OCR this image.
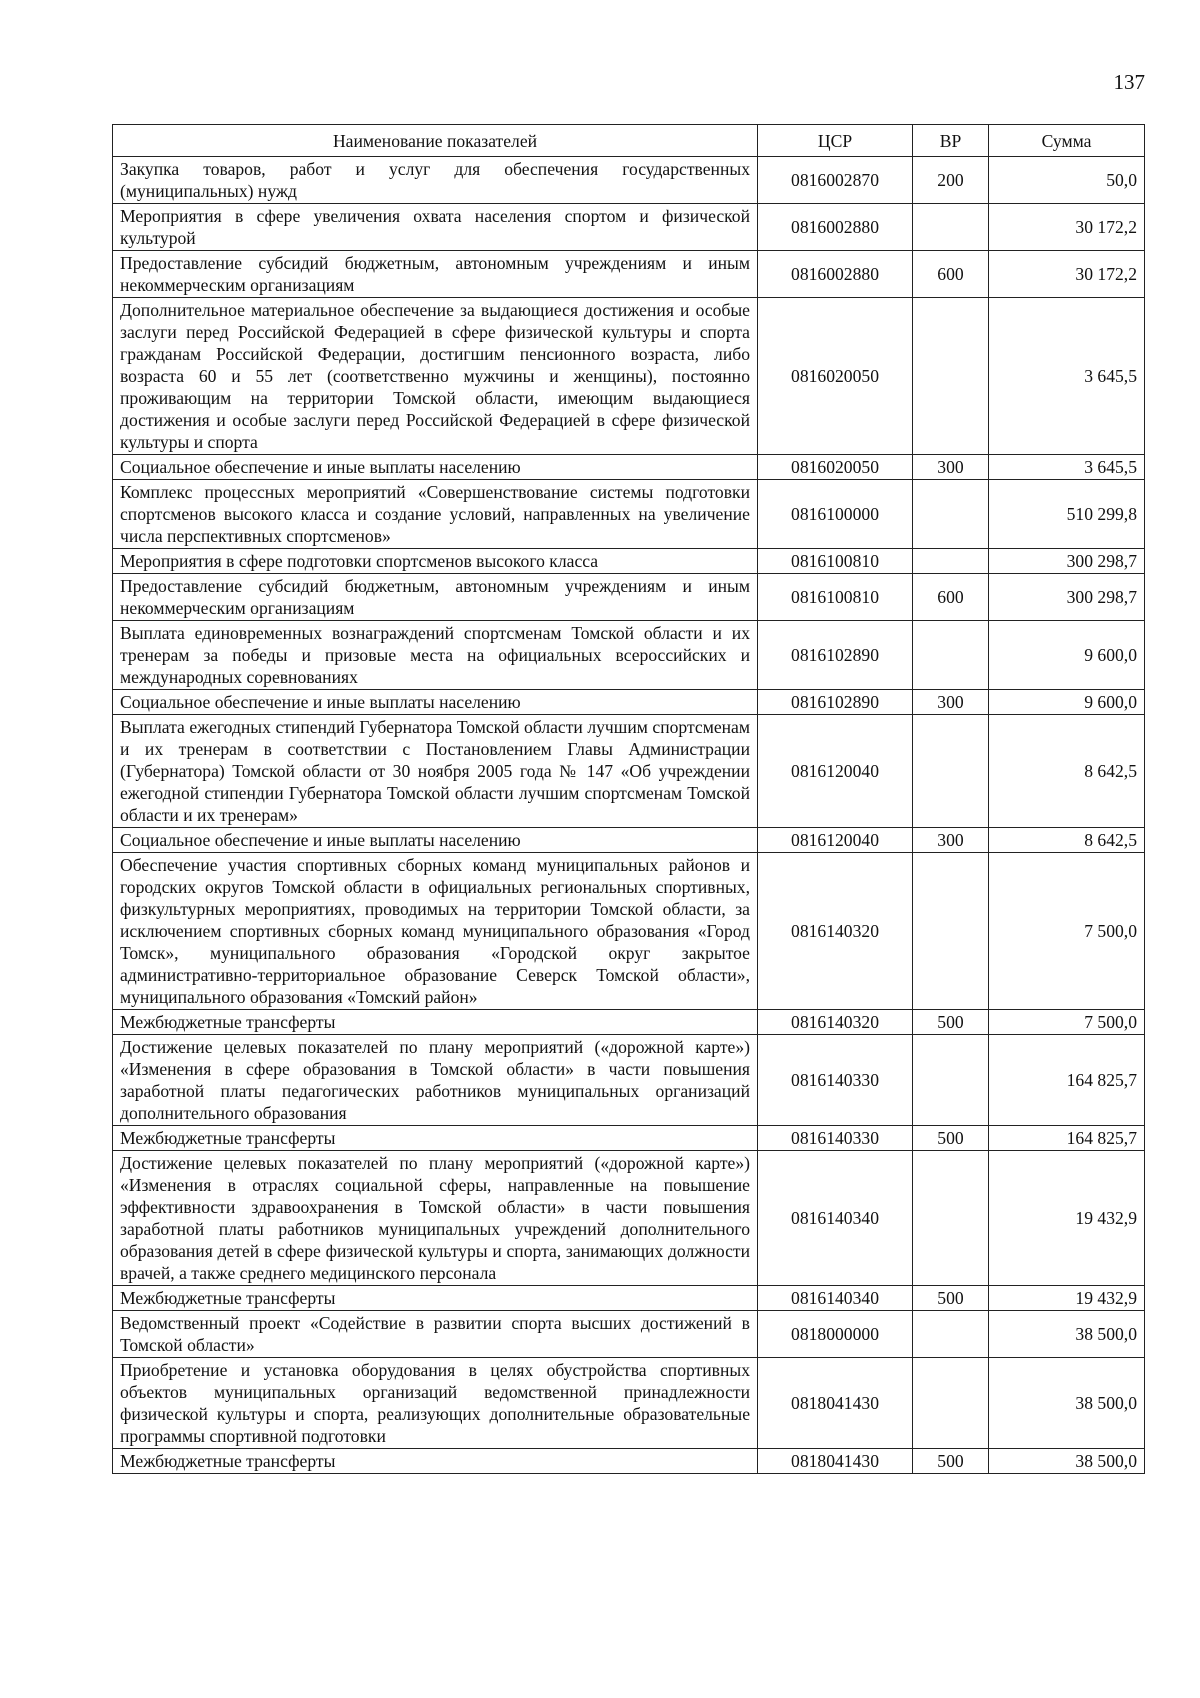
137
Наименование показателей	ЦСР	ВР	Сумма
Закупка товаров, работ и услуг для обеспечения государственных (муниципальных) нужд	0816002870	200	50,0
Мероприятия в сфере увеличения охвата населения спортом и физической культурой	0816002880		30 172,2
Предоставление субсидий бюджетным, автономным учреждениям и иным некоммерческим организациям	0816002880	600	30 172,2
Дополнительное материальное обеспечение за выдающиеся достижения и особые заслуги перед Российской Федерацией в сфере физической культуры и спорта гражданам Российской Федерации, достигшим пенсионного возраста, либо возраста 60 и 55 лет (соответственно мужчины и женщины), постоянно проживающим на территории Томской области, имеющим выдающиеся достижения и особые заслуги перед Российской Федерацией в сфере физической культуры и спорта	0816020050		3 645,5
Социальное обеспечение и иные выплаты населению	0816020050	300	3 645,5
Комплекс процессных мероприятий «Совершенствование системы подготовки спортсменов высокого класса и создание условий, направленных на увеличение числа перспективных спортсменов»	0816100000		510 299,8
Мероприятия в сфере подготовки спортсменов высокого класса	0816100810		300 298,7
Предоставление субсидий бюджетным, автономным учреждениям и иным некоммерческим организациям	0816100810	600	300 298,7
Выплата единовременных вознаграждений спортсменам Томской области и их тренерам за победы и призовые места на официальных всероссийских и международных соревнованиях	0816102890		9 600,0
Социальное обеспечение и иные выплаты населению	0816102890	300	9 600,0
Выплата ежегодных стипендий Губернатора Томской области лучшим спортсменам и их тренерам в соответствии с Постановлением Главы Администрации (Губернатора) Томской области от 30 ноября 2005 года № 147 «Об учреждении ежегодной стипендии Губернатора Томской области лучшим спортсменам Томской области и их тренерам»	0816120040		8 642,5
Социальное обеспечение и иные выплаты населению	0816120040	300	8 642,5
Обеспечение участия спортивных сборных команд муниципальных районов и городских округов Томской области в официальных региональных спортивных, физкультурных мероприятиях, проводимых на территории Томской области, за исключением спортивных сборных команд муниципального образования «Город Томск», муниципального образования «Городской округ закрытое административно-территориальное образование Северск Томской области», муниципального образования «Томский район»	0816140320		7 500,0
Межбюджетные трансферты	0816140320	500	7 500,0
Достижение целевых показателей по плану мероприятий («дорожной карте») «Изменения в сфере образования в Томской области» в части повышения заработной платы педагогических работников муниципальных организаций дополнительного образования	0816140330		164 825,7
Межбюджетные трансферты	0816140330	500	164 825,7
Достижение целевых показателей по плану мероприятий («дорожной карте») «Изменения в отраслях социальной сферы, направленные на повышение эффективности здравоохранения в Томской области» в части повышения заработной платы работников муниципальных учреждений дополнительного образования детей в сфере физической культуры и спорта, занимающих должности врачей, а также среднего медицинского персонала	0816140340		19 432,9
Межбюджетные трансферты	0816140340	500	19 432,9
Ведомственный проект «Содействие в развитии спорта высших достижений в Томской области»	0818000000		38 500,0
Приобретение и установка оборудования в целях обустройства спортивных объектов муниципальных организаций ведомственной принадлежности физической культуры и спорта, реализующих дополнительные образовательные программы спортивной подготовки	0818041430		38 500,0
Межбюджетные трансферты	0818041430	500	38 500,0
